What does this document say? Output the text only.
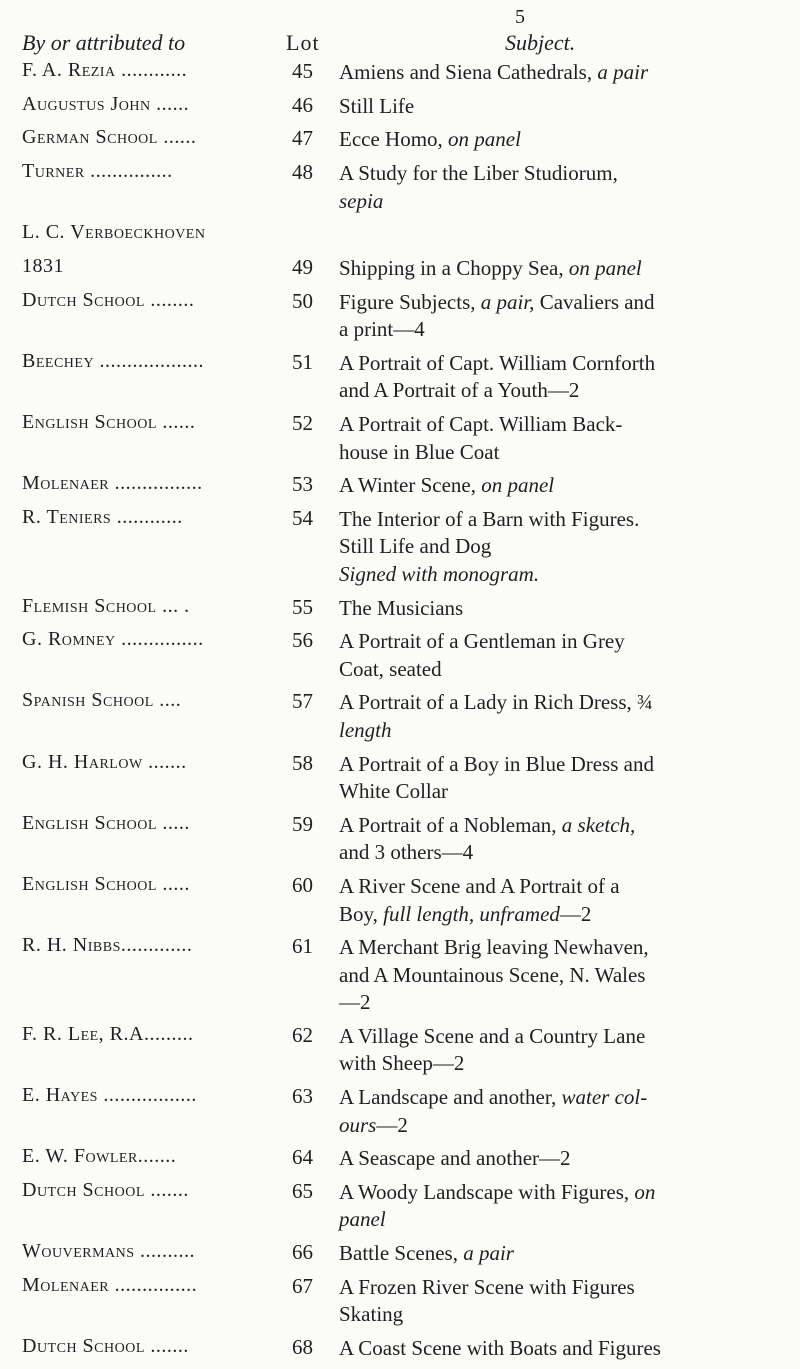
5
By or attributed to	Lot	Subject.
F. A. Rezia ............	45	Amiens and Siena Cathedrals, a pair
Augustus John ......	46	Still Life
German School ......	47	Ecce Homo, on panel
Turner ...............	48	A Study for the Liber Studiorum,
sepia
L. C. Verboeckhoven
1831	49	Shipping in a Choppy Sea, on panel
Dutch School ........	50	Figure Subjects, a pair, Cavaliers and
a print—4
Beechey ...................	51	A Portrait of Capt. William Cornforth
and A Portrait of a Youth—2
English School ......	52	A Portrait of Capt. William Back-
house in Blue Coat
Molenaer ................	53	A Winter Scene, on panel
R. Teniers ............	54	The Interior of a Barn with Figures.
Still Life and Dog
Signed with monogram.
Flemish School ... .	55	The Musicians
G. Romney ...............	56	A Portrait of a Gentleman in Grey
Coat, seated
Spanish School ....	57	A Portrait of a Lady in Rich Dress, ¾
length
G. H. Harlow .......	58	A Portrait of a Boy in Blue Dress and
White Collar
English School .....	59	A Portrait of a Nobleman, a sketch,
and 3 others—4
English School .....	60	A River Scene and A Portrait of a
Boy, full length, unframed—2
R. H. Nibbs.............	61	A Merchant Brig leaving Newhaven,
and A Mountainous Scene, N. Wales
—2
F. R. Lee, R.A.........	62	A Village Scene and a Country Lane
with Sheep—2
E. Hayes .................	63	A Landscape and another, water col-
ours—2
E. W. Fowler.......	64	A Seascape and another—2
Dutch School .......	65	A Woody Landscape with Figures, on
panel
Wouvermans ..........	66	Battle Scenes, a pair
Molenaer ...............	67	A Frozen River Scene with Figures
Skating
Dutch School .......	68	A Coast Scene with Boats and Figures
